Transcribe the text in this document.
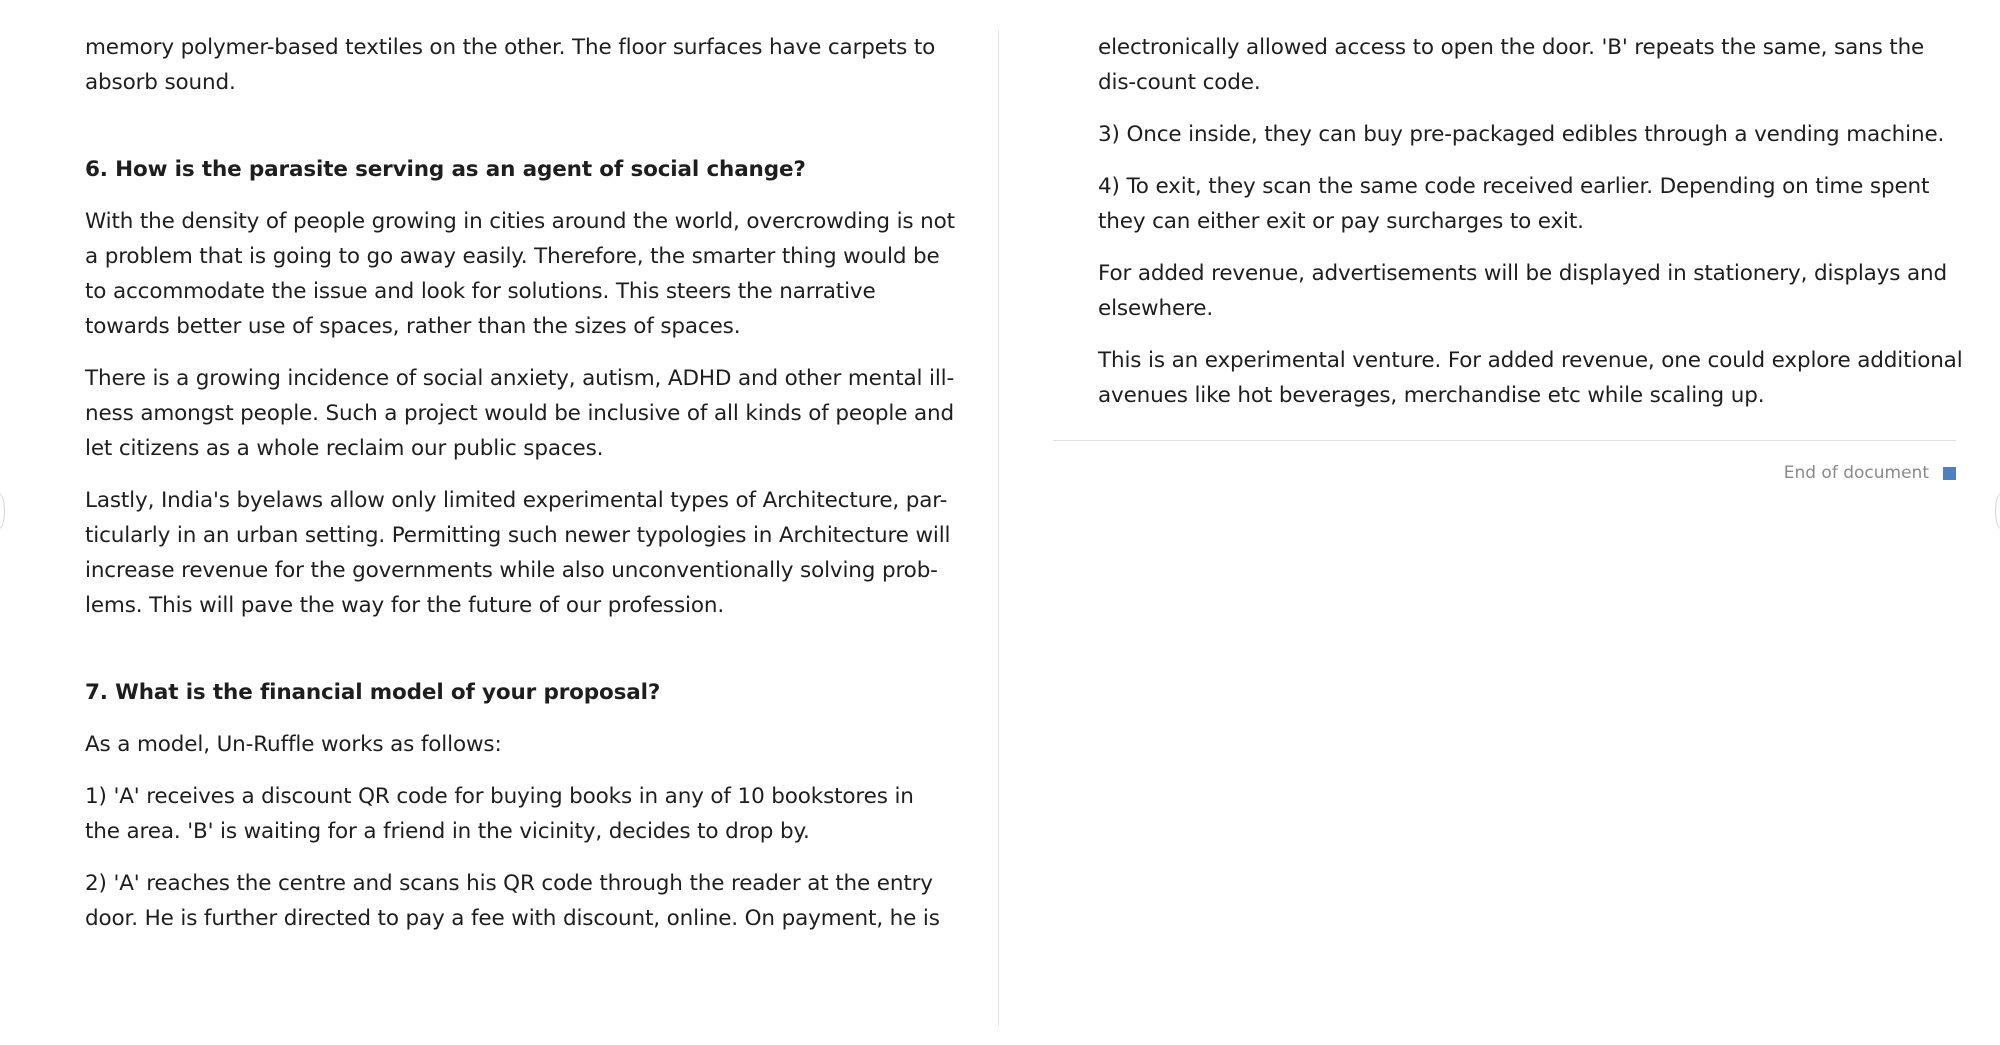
memory polymer-based textiles on the other. The floor surfaces have carpets to absorb sound.

6. How is the parasite serving as an agent of social change?

With the density of people growing in cities around the world, overcrowding is not a problem that is going to go away easily. Therefore, the smarter thing would be to accommodate the issue and look for solutions. This steers the narrative towards better use of spaces, rather than the sizes of spaces.

There is a growing incidence of social anxiety, autism, ADHD and other mental ill-ness amongst people. Such a project would be inclusive of all kinds of people and let citizens as a whole reclaim our public spaces.

Lastly, India's byelaws allow only limited experimental types of Architecture, par-ticularly in an urban setting. Permitting such newer typologies in Architecture will increase revenue for the governments while also unconventionally solving prob-lems. This will pave the way for the future of our profession.

7. What is the financial model of your proposal?

As a model, Un-Ruffle works as follows:

1) 'A' receives a discount QR code for buying books in any of 10 bookstores in the area. 'B' is waiting for a friend in the vicinity, decides to drop by.

2) 'A' reaches the centre and scans his QR code through the reader at the entry door. He is further directed to pay a fee with discount, online. On payment, he is

electronically allowed access to open the door. 'B' repeats the same, sans the dis-count code.

3) Once inside, they can buy pre-packaged edibles through a vending machine.

4) To exit, they scan the same code received earlier. Depending on time spent they can either exit or pay surcharges to exit.

For added revenue, advertisements will be displayed in stationery, displays and elsewhere.

This is an experimental venture. For added revenue, one could explore additional avenues like hot beverages, merchandise etc while scaling up.

End of document
